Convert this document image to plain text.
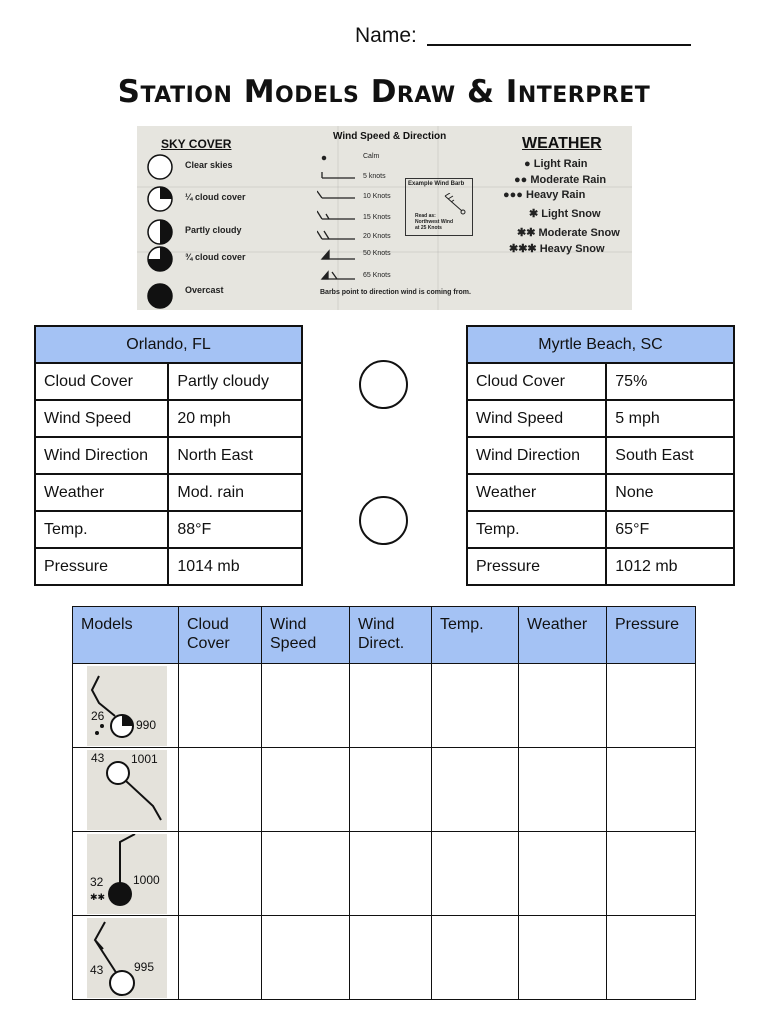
Name:
Station Models Draw & Interpret
SKY COVER
Clear skies
¼ cloud cover
Partly cloudy
¾ cloud cover
Overcast
Wind Speed & Direction
Calm
5 knots
10 Knots
15 Knots
20 Knots
50 Knots
65 Knots
Example Wind Barb
Read as:
Northwest Wind
at 25 Knots
Barbs point to direction wind is coming from.
WEATHER
● Light Rain
●● Moderate Rain
●●● Heavy Rain
✱ Light Snow
✱✱ Moderate Snow
✱✱✱ Heavy Snow
Orlando, FL	
Cloud Cover	Partly cloudy
Wind Speed	20 mph
Wind Direction	North East
Weather	Mod. rain
Temp.	88°F
Pressure	1014 mb
Myrtle Beach, SC	
Cloud Cover	75%
Wind Speed	5 mph
Wind Direction	South East
Weather	None
Temp.	65°F
Pressure	1012 mb
Models	Cloud Cover	Wind Speed	Wind Direct.	Temp.	Weather	Pressure

26
990						

43 1001						

32
✱✱
1000						

43 995						
